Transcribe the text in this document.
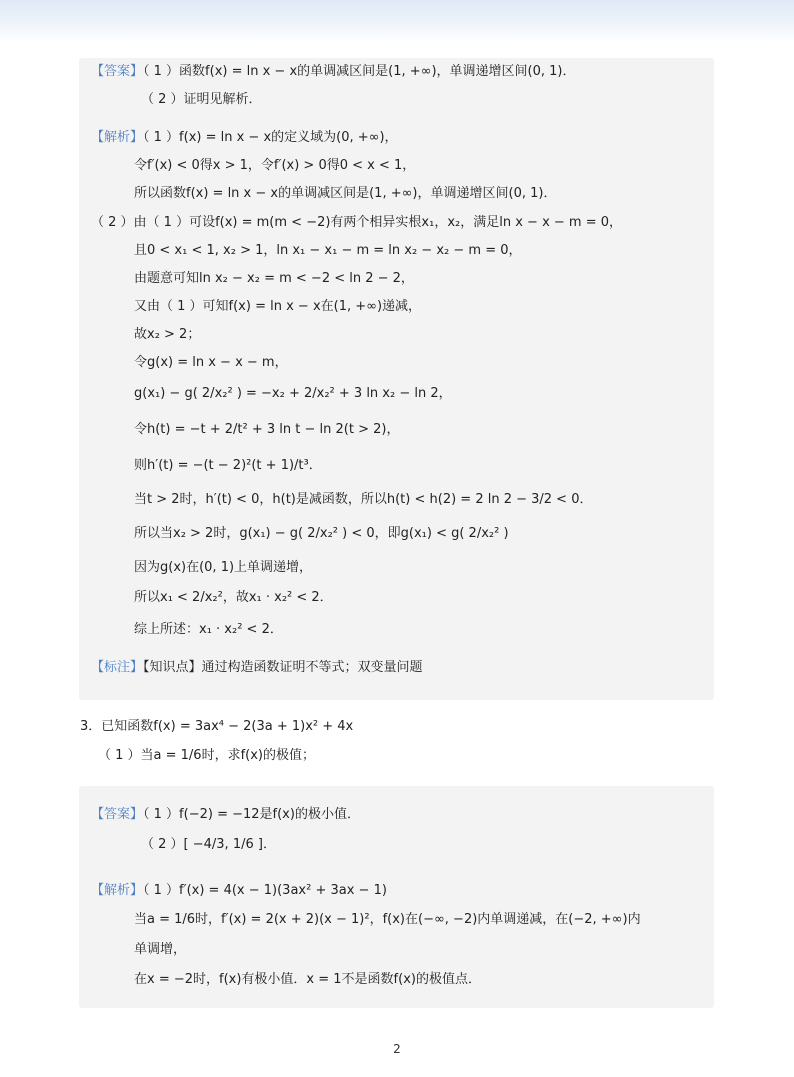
【答案】（ 1 ）函数f(x) = ln x − x的单调减区间是(1, +∞)，单调递增区间(0, 1)．
（ 2 ）证明见解析．
【解析】（ 1 ）f(x) = ln x − x的定义域为(0, +∞)，
令f′(x) < 0得x > 1，令f′(x) > 0得0 < x < 1，
所以函数f(x) = ln x − x的单调减区间是(1, +∞)，单调递增区间(0, 1)．
（ 2 ）由（ 1 ）可设f(x) = m(m < −2)有两个相异实根x₁，x₂，满足ln x − x − m = 0，
且0 < x₁ < 1, x₂ > 1，ln x₁ − x₁ − m = ln x₂ − x₂ − m = 0，
由题意可知ln x₂ − x₂ = m < −2 < ln 2 − 2，
又由（ 1 ）可知f(x) = ln x − x在(1, +∞)递减，
故x₂ > 2；
令g(x) = ln x − x − m，
g(x₁) − g( 2/x₂² ) = −x₂ + 2/x₂² + 3 ln x₂ − ln 2，
令h(t) = −t + 2/t² + 3 ln t − ln 2(t > 2)，
则h′(t) = −(t − 2)²(t + 1)/t³．
当t > 2时，h′(t) < 0，h(t)是减函数，所以h(t) < h(2) = 2 ln 2 − 3/2 < 0．
所以当x₂ > 2时，g(x₁) − g( 2/x₂² ) < 0，即g(x₁) < g( 2/x₂² )
因为g(x)在(0, 1)上单调递增，
所以x₁ < 2/x₂²，故x₁ · x₂² < 2．
综上所述：x₁ · x₂² < 2．
【标注】【知识点】通过构造函数证明不等式；双变量问题
3．已知函数f(x) = 3ax⁴ − 2(3a + 1)x² + 4x
（ 1 ）当a = 1/6时，求f(x)的极值；
【答案】（ 1 ）f(−2) = −12是f(x)的极小值．
（ 2 ）[ −4/3, 1/6 ]．
【解析】（ 1 ）f′(x) = 4(x − 1)(3ax² + 3ax − 1)
当a = 1/6时，f′(x) = 2(x + 2)(x − 1)²，f(x)在(−∞, −2)内单调递减，在(−2, +∞)内
单调增，
在x = −2时，f(x)有极小值．x = 1不是函数f(x)的极值点．
2
